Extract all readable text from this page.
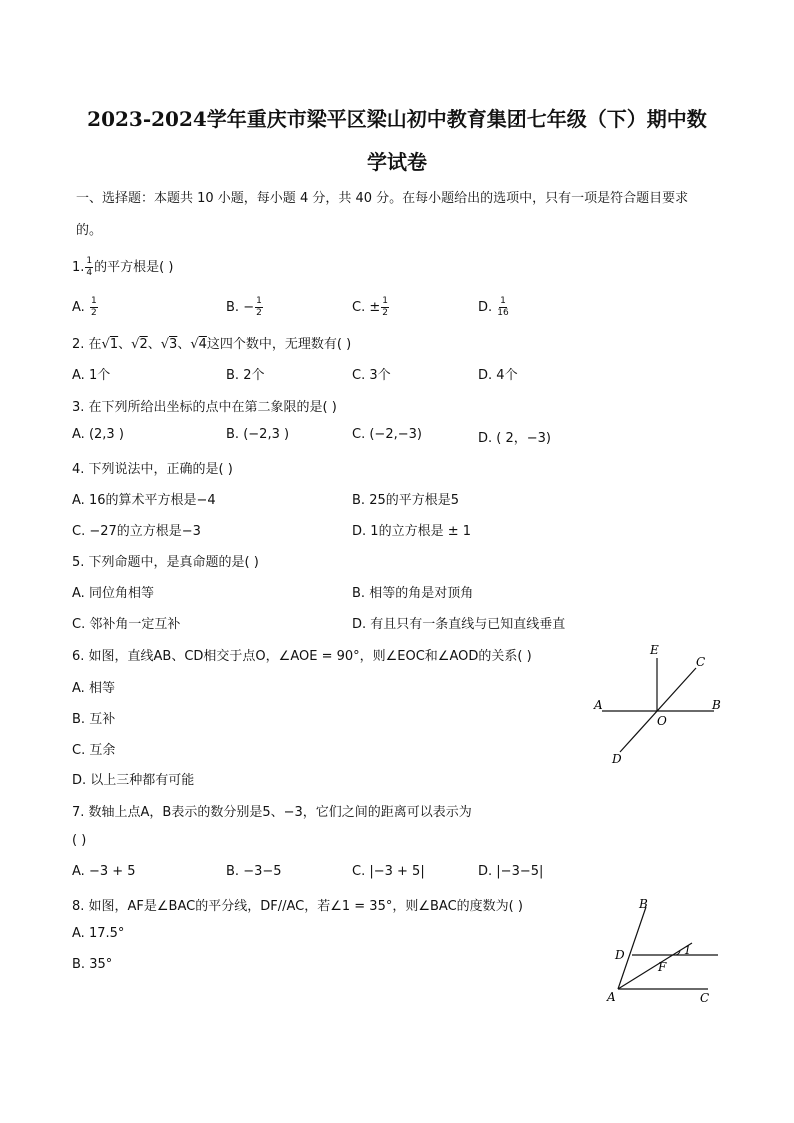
2023-2024学年重庆市梁平区梁山初中教育集团七年级（下）期中数
学试卷
一、选择题：本题共 10 小题，每小题 4 分，共 40 分。在每小题给出的选项中，只有一项是符合题目要求
的。
1. $\frac{1}{4}$ 的平方根是( )
A. $\frac{1}{2}$	B. − $\frac{1}{2}$	C. ± $\frac{1}{2}$	D. $\frac{1}{16}$
2. 在√1、√2、√3、√4这四个数中，无理数有( )
A. 1个	B. 2个	C. 3个	D. 4个
3. 在下列所给出坐标的点中在第二象限的是( )
A. (2,3 )	B. (−2,3 )	C. (−2,−3)	D. ( 2，−3)
4. 下列说法中，正确的是( )
A. 16的算术平方根是−4	B. 25的平方根是5
C. −27的立方根是−3	D. 1的立方根是 ± 1
5. 下列命题中，是真命题的是( )
A. 同位角相等	B. 相等的角是对顶角
C. 邻补角一定互补	D. 有且只有一条直线与已知直线垂直
6. 如图，直线AB、CD相交于点O，∠AOE = 90°，则∠EOC和∠AOD的关系( )
A. 相等
B. 互补
C. 互余
D. 以上三种都有可能
E
C
A	B
O
D
7. 数轴上点A，B表示的数分别是5、−3，它们之间的距离可以表示为
( )
A. −3 + 5	B. −3−5	C. |−3 + 5|	D. |−3−5|
8. 如图，AF是∠BAC的平分线，DF//AC，若∠1 = 35°，则∠BAC的度数为( )
A. 17.5°
B. 35°
B
D
F
1
A	C
